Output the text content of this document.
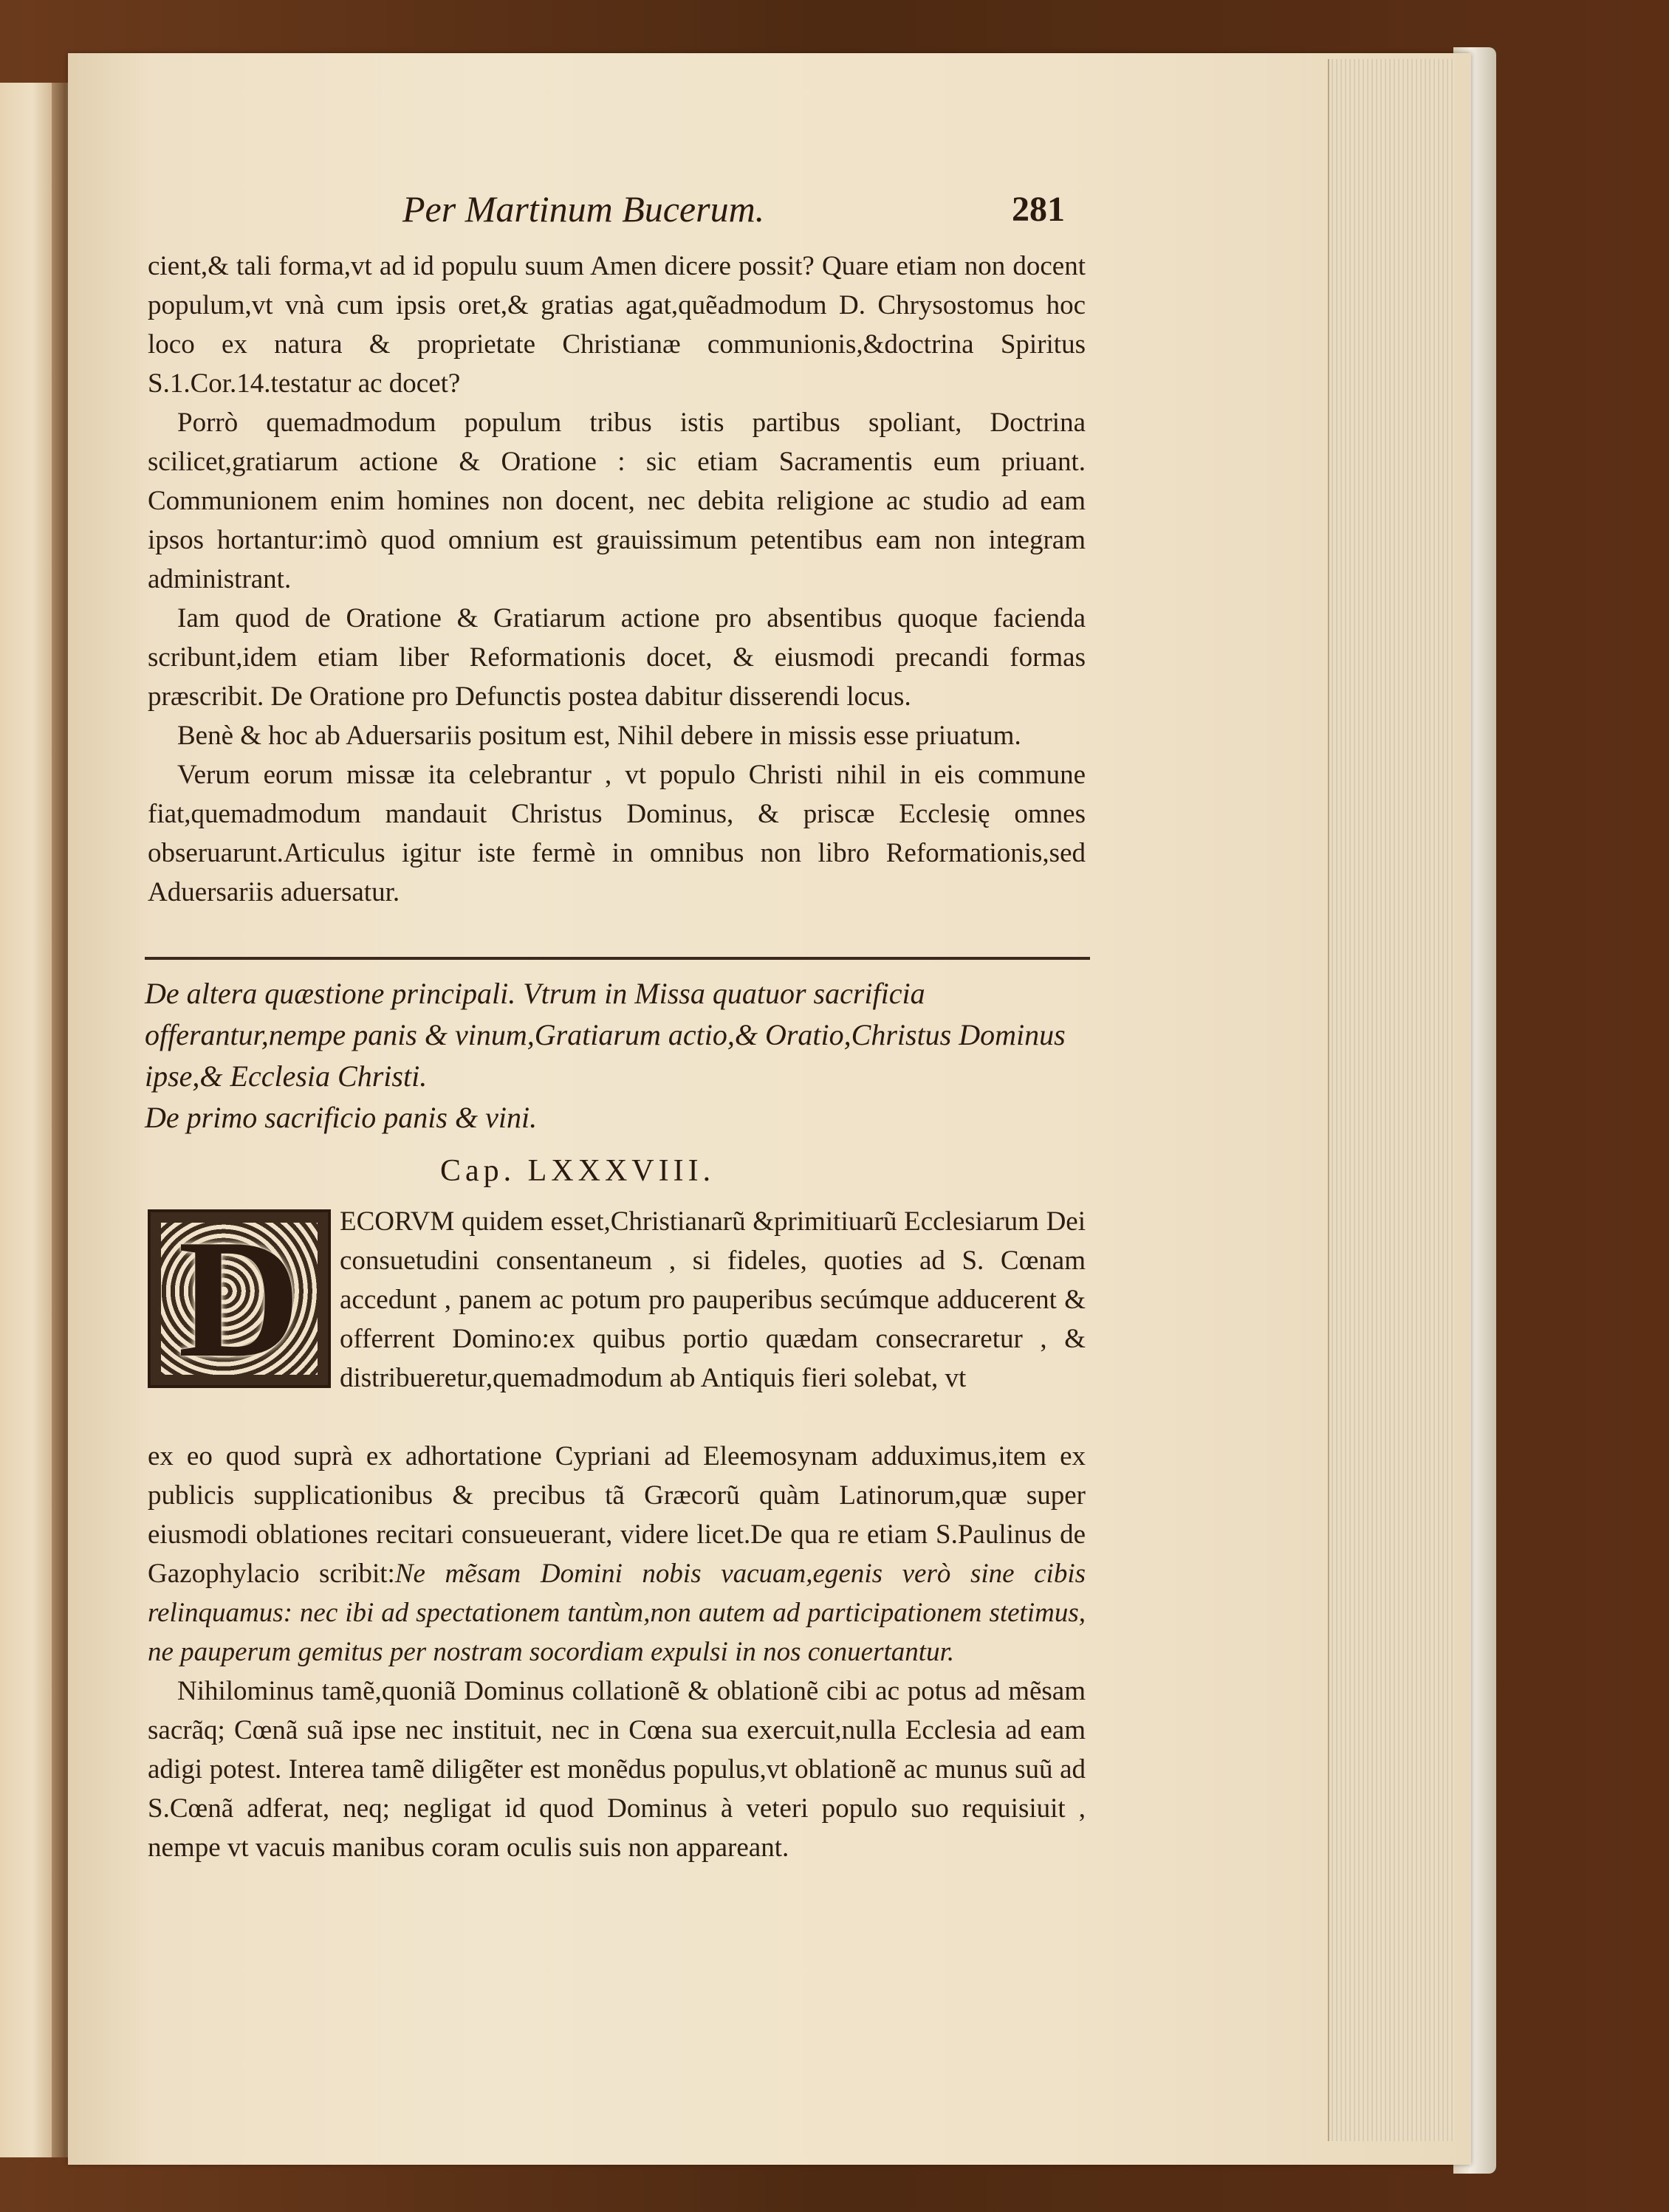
Per Martinum Bucerum.	281

cient,& tali forma,vt ad id populu suum Amen dicere possit? Quare etiam non docent populum,vt vnà cum ipsis oret,& gratias agat,quẽadmodum D. Chrysostomus hoc loco ex natura & proprietate Christianæ communionis,&doctrina Spiritus S.1.Cor.14.testatur ac docet?

Porrò quemadmodum populum tribus istis partibus spoliant, Doctrina scilicet,gratiarum actione & Oratione : sic etiam Sacramentis eum priuant. Communionem enim homines non docent, nec debita religione ac studio ad eam ipsos hortantur:imò quod omnium est grauissimum petentibus eam non integram administrant.

Iam quod de Oratione & Gratiarum actione pro absentibus quoque facienda scribunt,idem etiam liber Reformationis docet, & eiusmodi precandi formas præscribit. De Oratione pro Defunctis postea dabitur disserendi locus.

Benè & hoc ab Aduersariis positum est, Nihil debere in missis esse priuatum.

Verum eorum missæ ita celebrantur , vt populo Christi nihil in eis commune fiat,quemadmodum mandauit Christus Dominus, & priscæ Ecclesię omnes obseruarunt.Articulus igitur iste fermè in omnibus non libro Reformationis,sed Aduersariis aduersatur.

De altera quæstione principali. Vtrum in Missa quatuor sacrificia offerantur,nempe panis & vinum,Gratiarum actio,& Oratio,Christus Dominus ipse,& Ecclesia Christi.

De primo sacrificio panis & vini.

Cap. LXXXVIII.
D	ECORVM quidem esset,Christianarũ &primitiuarũ Ecclesiarum Dei consuetudini consentaneum , si fideles, quoties ad S. Cœnam accedunt , panem ac potum pro pauperibus secúmque adducerent & offerrent Domino:ex quibus portio quædam consecraretur , & distribueretur,quemadmodum ab Antiquis fieri solebat, vt

ex eo quod suprà ex adhortatione Cypriani ad Eleemosynam adduximus,item ex publicis supplicationibus & precibus tã Græcorũ quàm Latinorum,quæ super eiusmodi oblationes recitari consueuerant, videre licet.De qua re etiam S.Paulinus de Gazophylacio scribit:Ne mẽsam Domini nobis vacuam,egenis verò sine cibis relinquamus: nec ibi ad spectationem tantùm,non autem ad participationem stetimus, ne pauperum gemitus per nostram socordiam expulsi in nos conuertantur.

Nihilominus tamẽ,quoniã Dominus collationẽ & oblationẽ cibi ac potus ad mẽsam sacrãq; Cœnã suã ipse nec instituit, nec in Cœna sua exercuit,nulla Ecclesia ad eam adigi potest. Interea tamẽ diligẽter est monẽdus populus,vt oblationẽ ac munus suũ ad S.Cœnã adferat, neq; negligat id quod Dominus à veteri populo suo requisiuit , nempe vt vacuis manibus coram oculis suis non appareant.
